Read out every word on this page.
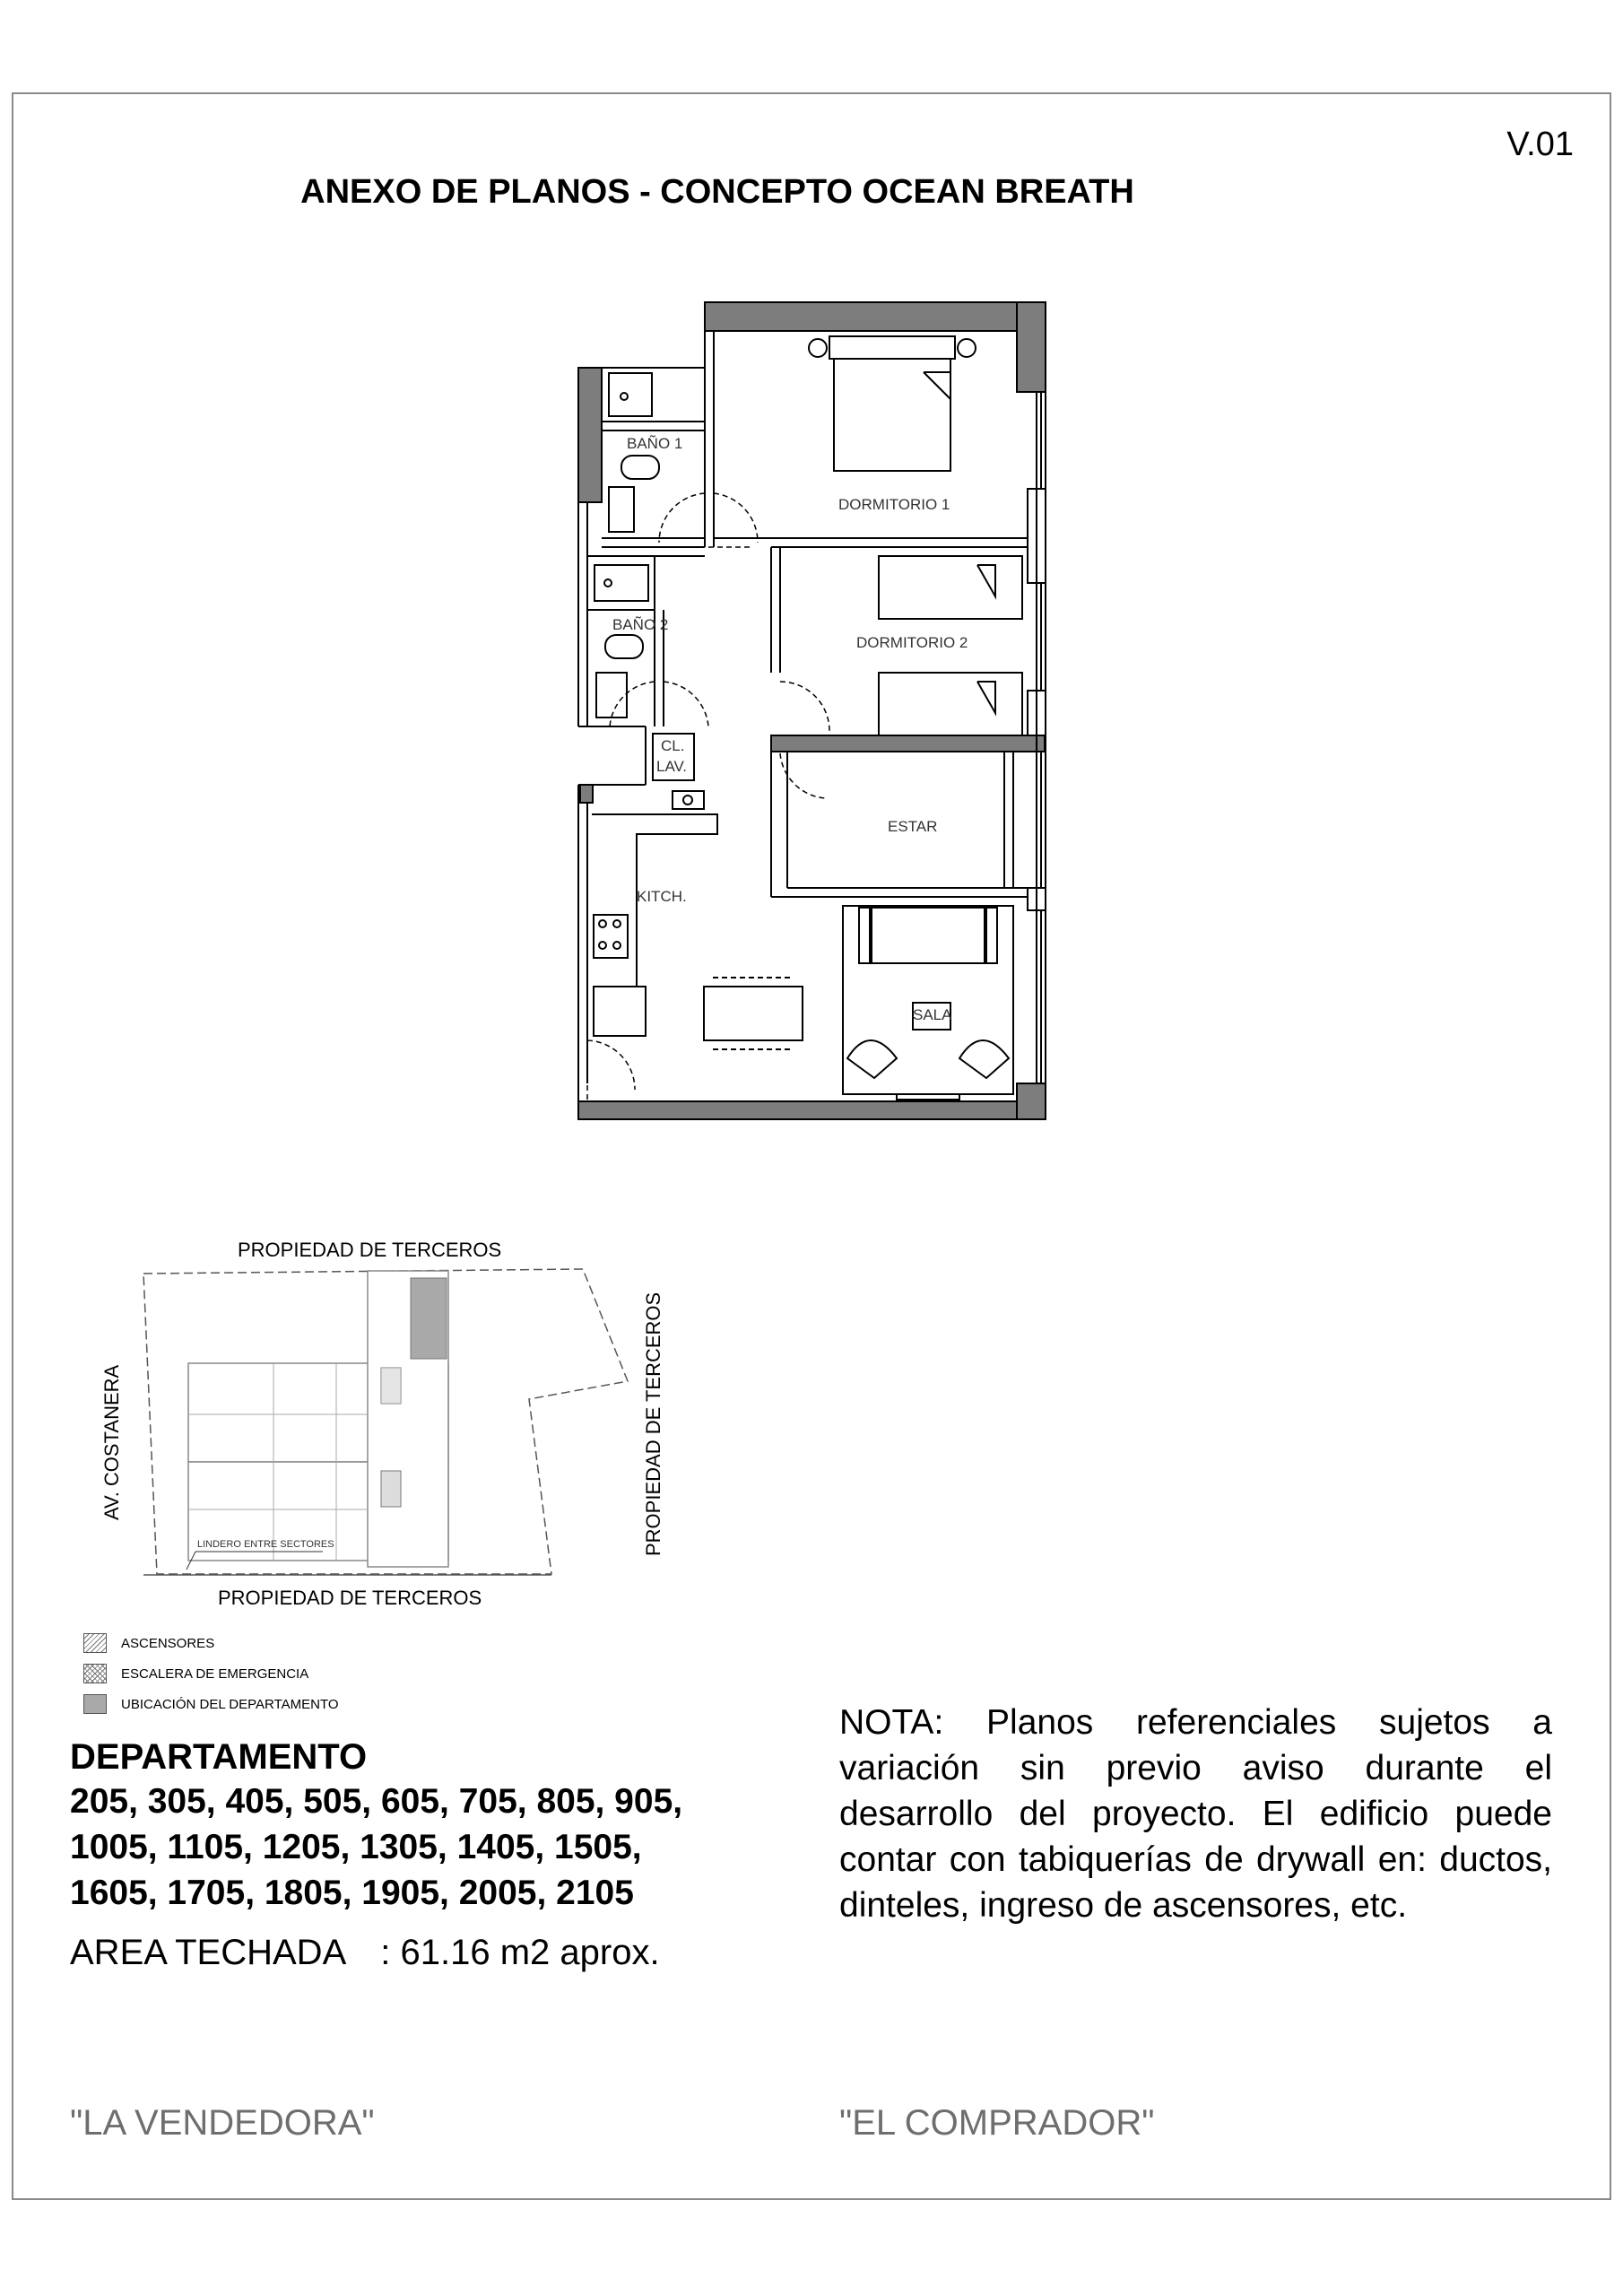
V.01
ANEXO DE PLANOS - CONCEPTO OCEAN BREATH
BAÑO 1
DORMITORIO 1
BAÑO 2
DORMITORIO 2
CL.
LAV.
ESTAR
KITCH.
SALA
PROPIEDAD DE TERCEROS
PROPIEDAD DE TERCEROS
PROPIEDAD DE TERCEROS
AV. COSTANERA
LINDERO ENTRE SECTORES
ASCENSORES
ESCALERA DE EMERGENCIA
UBICACIÓN DEL DEPARTAMENTO
DEPARTAMENTO
205, 305, 405, 505, 605, 705, 805, 905,
1005, 1105, 1205, 1305, 1405, 1505,
1605, 1705, 1805, 1905, 2005, 2105
AREA TECHADA : 61.16 m2 aprox.
NOTA: Planos referenciales sujetos a variación sin previo aviso durante el desarrollo del proyecto. El edificio puede contar con tabiquerías de drywall en: ductos, dinteles, ingreso de ascensores, etc.
"LA VENDEDORA"	"EL COMPRADOR"
